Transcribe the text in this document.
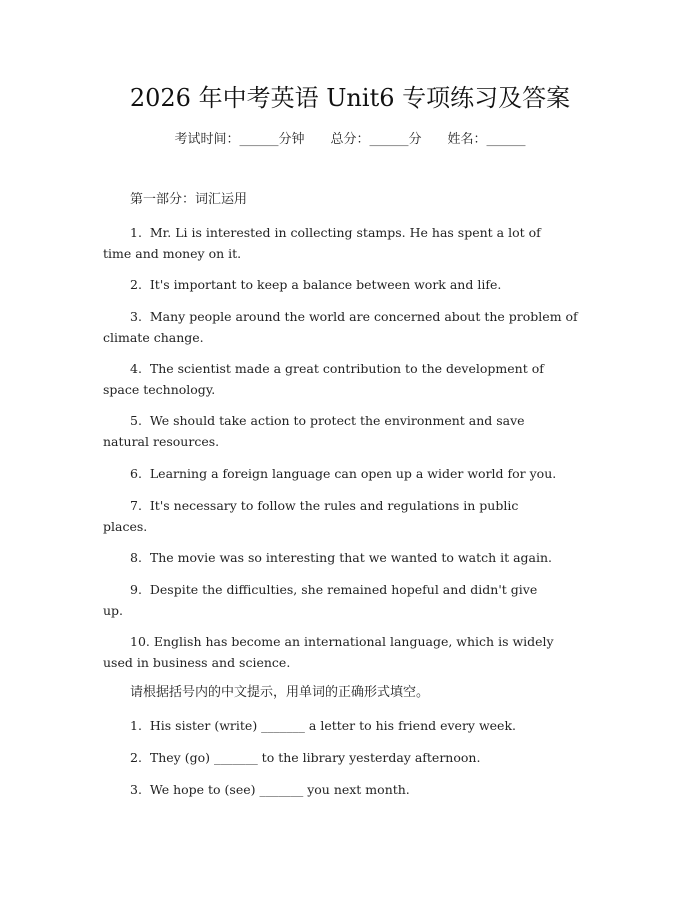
2026 年中考英语 Unit6 专项练习及答案
考试时间：______分钟 总分：______分 姓名：______
第一部分：词汇运用
1.  Mr. Li is interested in collecting stamps. He has spent a lot of
time and money on it.
2.  It's important to keep a balance between work and life.
3.  Many people around the world are concerned about the problem of
climate change.
4.  The scientist made a great contribution to the development of
space technology.
5.  We should take action to protect the environment and save
natural resources.
6.  Learning a foreign language can open up a wider world for you.
7.  It's necessary to follow the rules and regulations in public
places.
8.  The movie was so interesting that we wanted to watch it again.
9.  Despite the difficulties, she remained hopeful and didn't give
up.
10. English has become an international language, which is widely
used in business and science.
请根据括号内的中文提示，用单词的正确形式填空。
1.  His sister (write) _______ a letter to his friend every week.
2.  They (go) _______ to the library yesterday afternoon.
3.  We hope to (see) _______ you next month.
